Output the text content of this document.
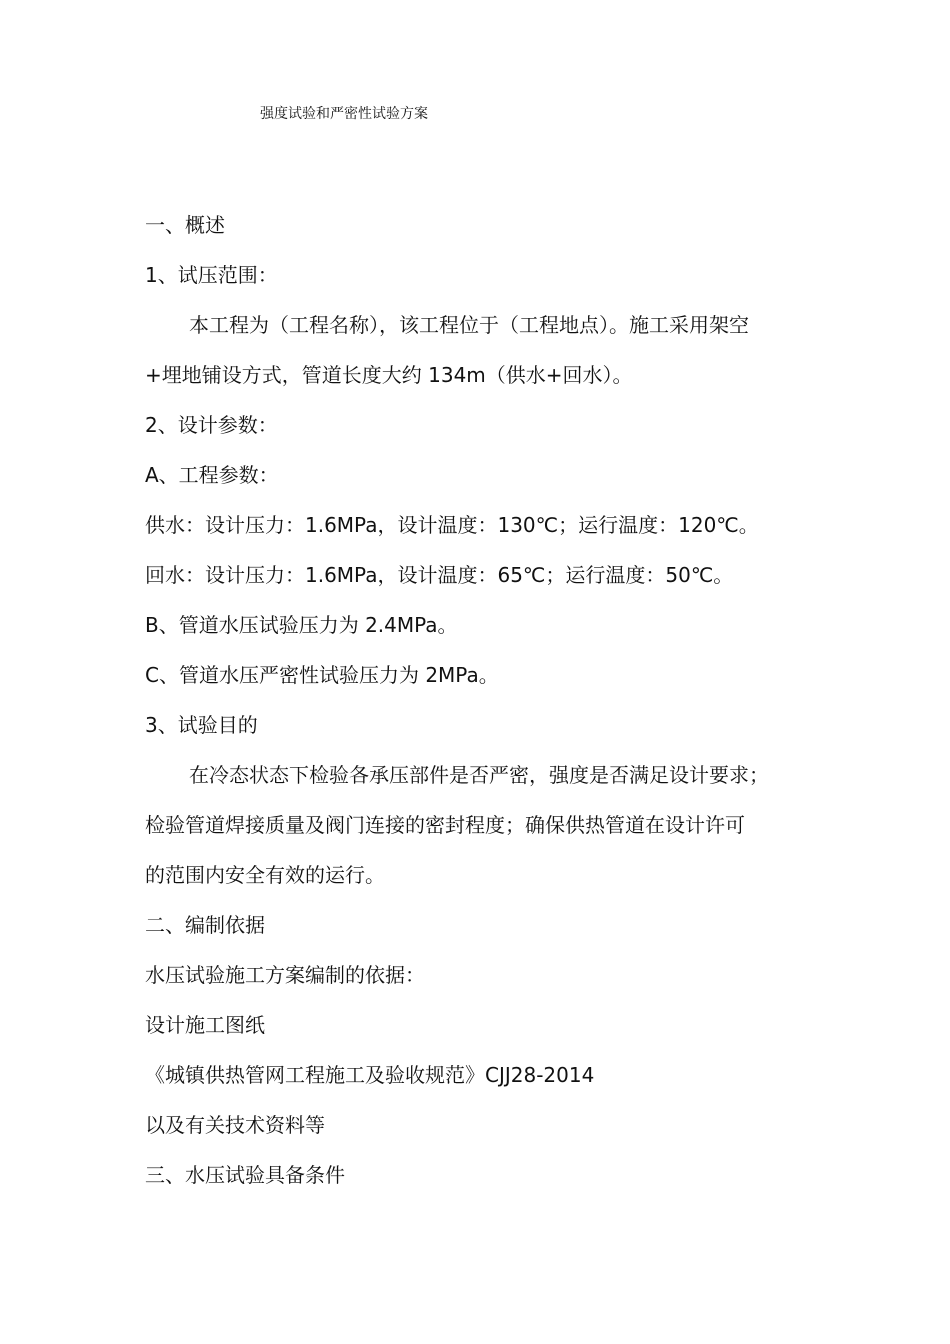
强度试验和严密性试验方案
一、概述
1、试压范围：
本工程为（工程名称），该工程位于（工程地点）。施工采用架空
+埋地铺设方式，管道长度大约 134m（供水+回水）。
2、设计参数：
A、工程参数：
供水：设计压力：1.6MPa，设计温度：130℃；运行温度：120℃。
回水：设计压力：1.6MPa，设计温度：65℃；运行温度：50℃。
B、管道水压试验压力为 2.4MPa。
C、管道水压严密性试验压力为 2MPa。
3、试验目的
在冷态状态下检验各承压部件是否严密，强度是否满足设计要求；
检验管道焊接质量及阀门连接的密封程度；确保供热管道在设计许可
的范围内安全有效的运行。
二、编制依据
水压试验施工方案编制的依据：
设计施工图纸
《城镇供热管网工程施工及验收规范》CJJ28-2014
以及有关技术资料等
三、水压试验具备条件
